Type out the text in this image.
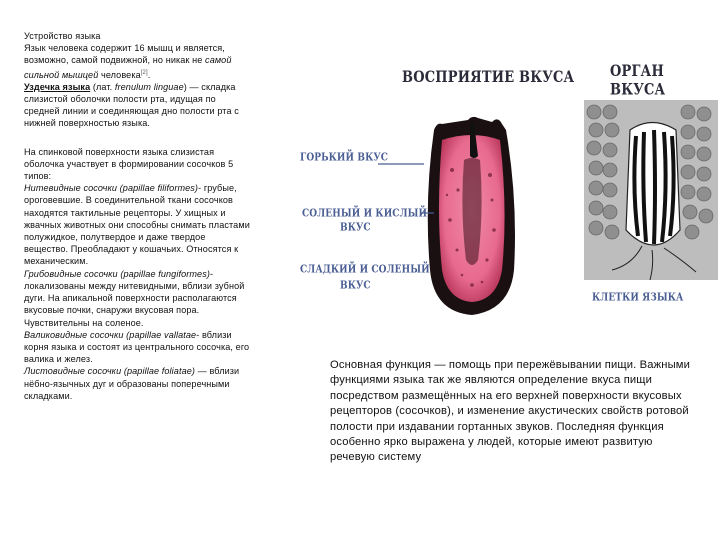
Устройство языка
Язык человека содержит 16 мышц и является, возможно, самой подвижной, но никак не самой сильной мышцей человека[2].

Уздечка языка (лат. frenulum linguae) — складка слизистой оболочки полости рта, идущая по средней линии и соединяющая дно полости рта с нижней поверхностью языка.

На спинковой поверхности языка слизистая оболочка участвует в формировании сосочков 5 типов:
Нитевидные сосочки (papillae filiformes)- грубые, ороговевшие. В соединительной ткани сосочков находятся тактильные рецепторы. У хищных и жвачных животных они способны снимать пластами полужидкое, полутвердое и даже твердое вещество. Преобладают у кошачьих. Относятся к механическим.
Грибовидные сосочки (papillae fungiformes)-локализованы между нитевидными, вблизи зубной дуги. На апикальной поверхности располагаются вкусовые почки, снаружи вкусовая пора. Чувствительны на соленое.
Валиковидные сосочки (papillae vallatae- вблизи корня языка и состоят из центрального сосочка, его валика и желез.
Листовидные сосочки (papillae foliatae) — вблизи нёбно-язычных дуг и образованы поперечными складками.

ВОСПРИЯТИЕ ВКУСА	ОРГАН ВКУСА
ГОРЬКИЙ ВКУС
СОЛЕНЫЙ И КИСЛЫЙ
ВКУС
СЛАДКИЙ И СОЛЕНЫЙ
ВКУС
КЛЕТКИ ЯЗЫКА

Основная функция — помощь при пережёвывании пищи. Важными функциями языка так же являются определение вкуса пищи посредством размещённых на его верхней поверхности вкусовых рецепторов (сосочков), и изменение акустических свойств ротовой полости при издавании гортанных звуков. Последняя функция особенно ярко выражена у людей, которые имеют развитую речевую систему
